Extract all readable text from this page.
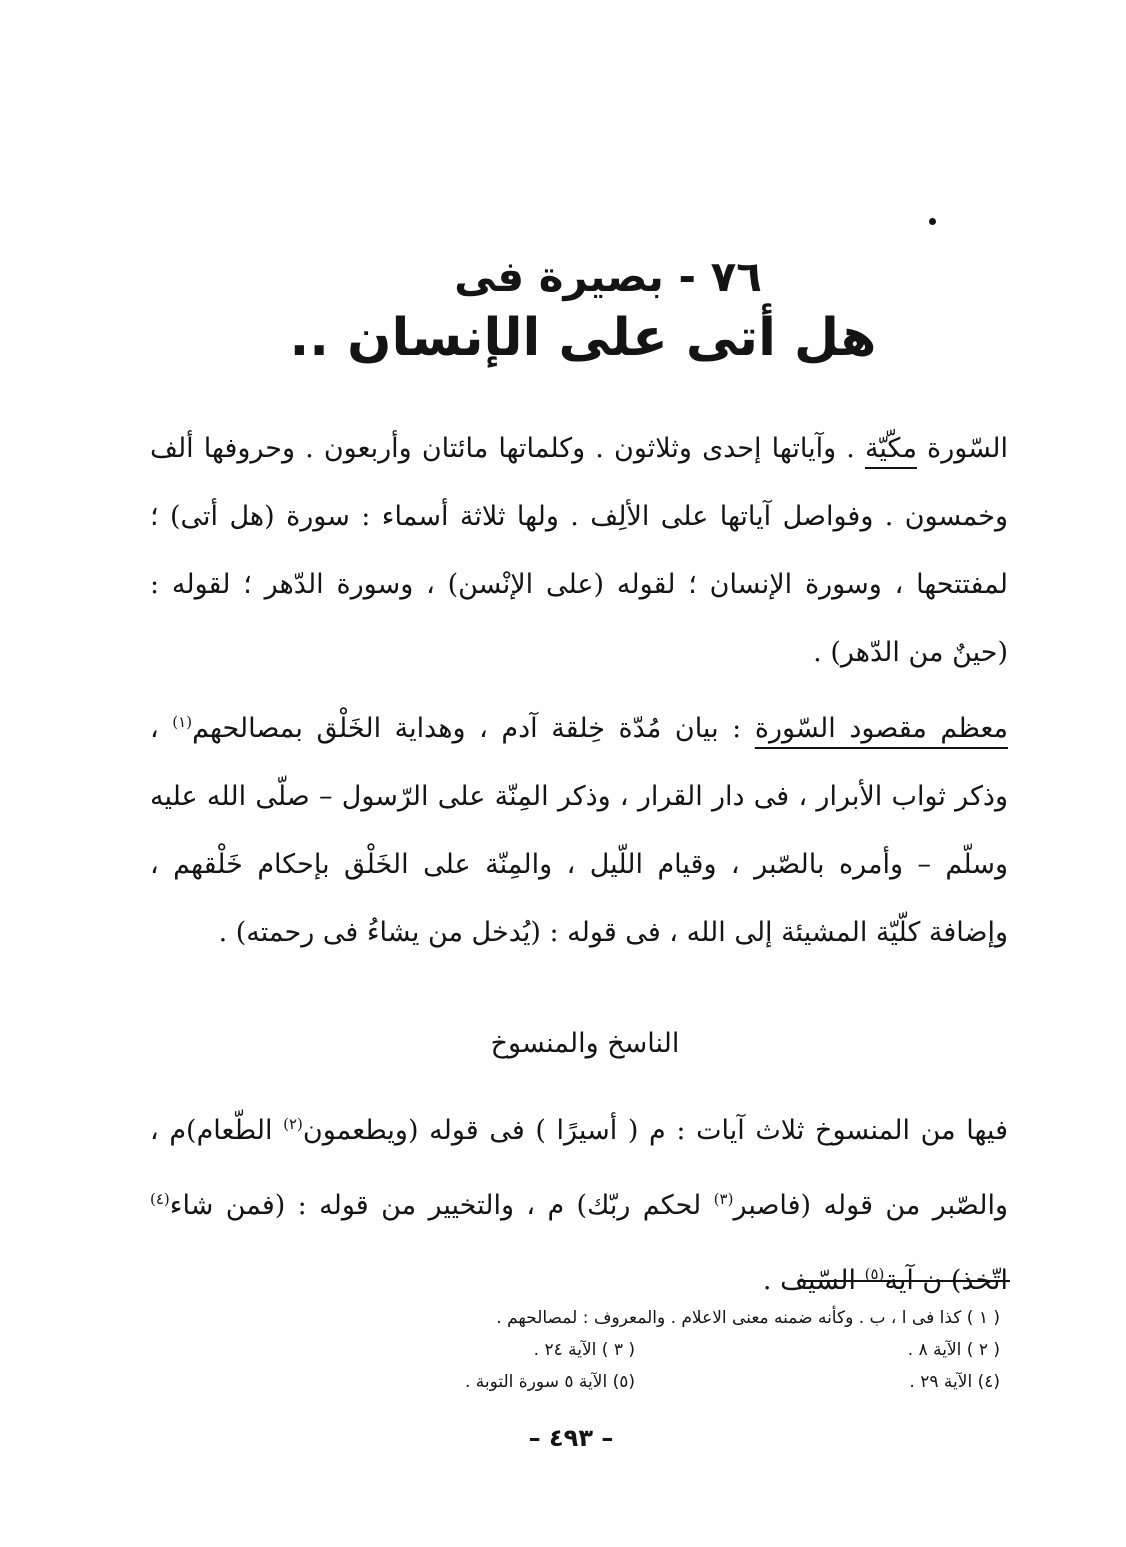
٧٦ - بصيرة فى
هل أتى على الإنسان ..

السّورة مكّيّة . وآياتها إحدى وثلاثون . وكلماتها مائتان وأربعون . وحروفها ألف وخمسون . وفواصل آياتها على الألِف . ولها ثلاثة أسماء : سورة (هل أتى) ؛ لمفتتحها ، وسورة الإنسان ؛ لقوله (على الإنْسن) ، وسورة الدّهر ؛ لقوله : (حينٌ من الدّهر) .

معظم مقصود السّورة : بيان مُدّة خِلقة آدم ، وهداية الخَلْق بمصالحهم$^{(١)}$ ، وذكر ثواب الأبرار ، فى دار القرار ، وذكر المِنّة على الرّسول – صلّى الله عليه وسلّم – وأمره بالصّبر ، وقيام اللّيل ، والمِنّة على الخَلْق بإحكام خَلْقهم ، وإضافة كلّيّة المشيئة إلى الله ، فى قوله : (يُدخل من يشاءُ فى رحمته) .

الناسخ والمنسوخ

فيها من المنسوخ ثلاث آيات : م ( أسيرًا ) فى قوله (ويطعمون$^{(٢)}$ الطّعام)م ، والصّبر من قوله (فاصبر$^{(٣)}$ لحكم ربّك) م ، والتخيير من قوله : (فمن شاء$^{(٤)}$ اتّخذ) ن آية$^{(٥)}$ السّيف .

( ١ ) كذا فى ا ، ب . وكأنه ضمنه معنى الاعلام . والمعروف : لمصالحهم .
( ٢ ) الآية ٨ .
( ٣ ) الآية ٢٤ .
(٤) الآية ٢٩ .
(٥) الآية ٥ سورة التوبة .
– ٤٩٣ –
